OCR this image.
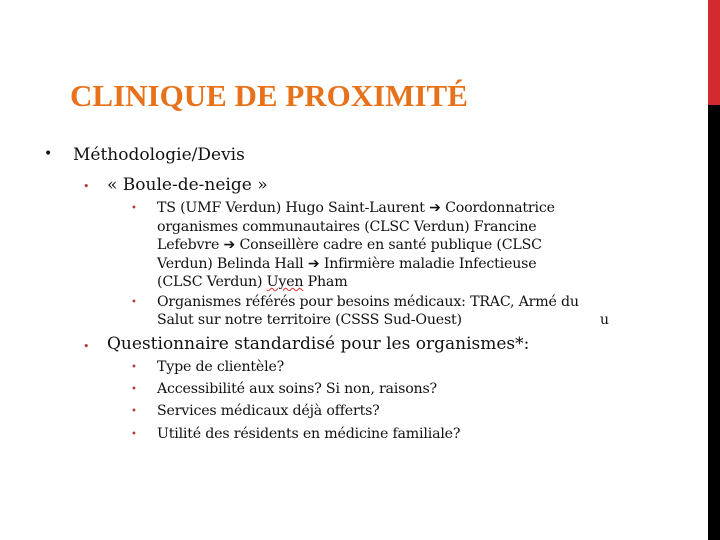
CLINIQUE DE PROXIMITÉ
• Méthodologie/Devis
• « Boule-de-neige »
• TS (UMF Verdun) Hugo Saint-Laurent ➔ Coordonnatrice
organismes communautaires (CLSC Verdun) Francine
Lefebvre ➔ Conseillère cadre en santé publique (CLSC
Verdun) Belinda Hall ➔ Infirmière maladie Infectieuse
(CLSC Verdun) Uyen Pham
• Organismes référés pour besoins médicaux: TRAC, Armé du
Salut sur notre territoire (CSSS Sud-Ouest)	u
• Questionnaire standardisé pour les organismes*:
• Type de clientèle?
• Accessibilité aux soins? Si non, raisons?
• Services médicaux déjà offerts?
• Utilité des résidents en médicine familiale?
